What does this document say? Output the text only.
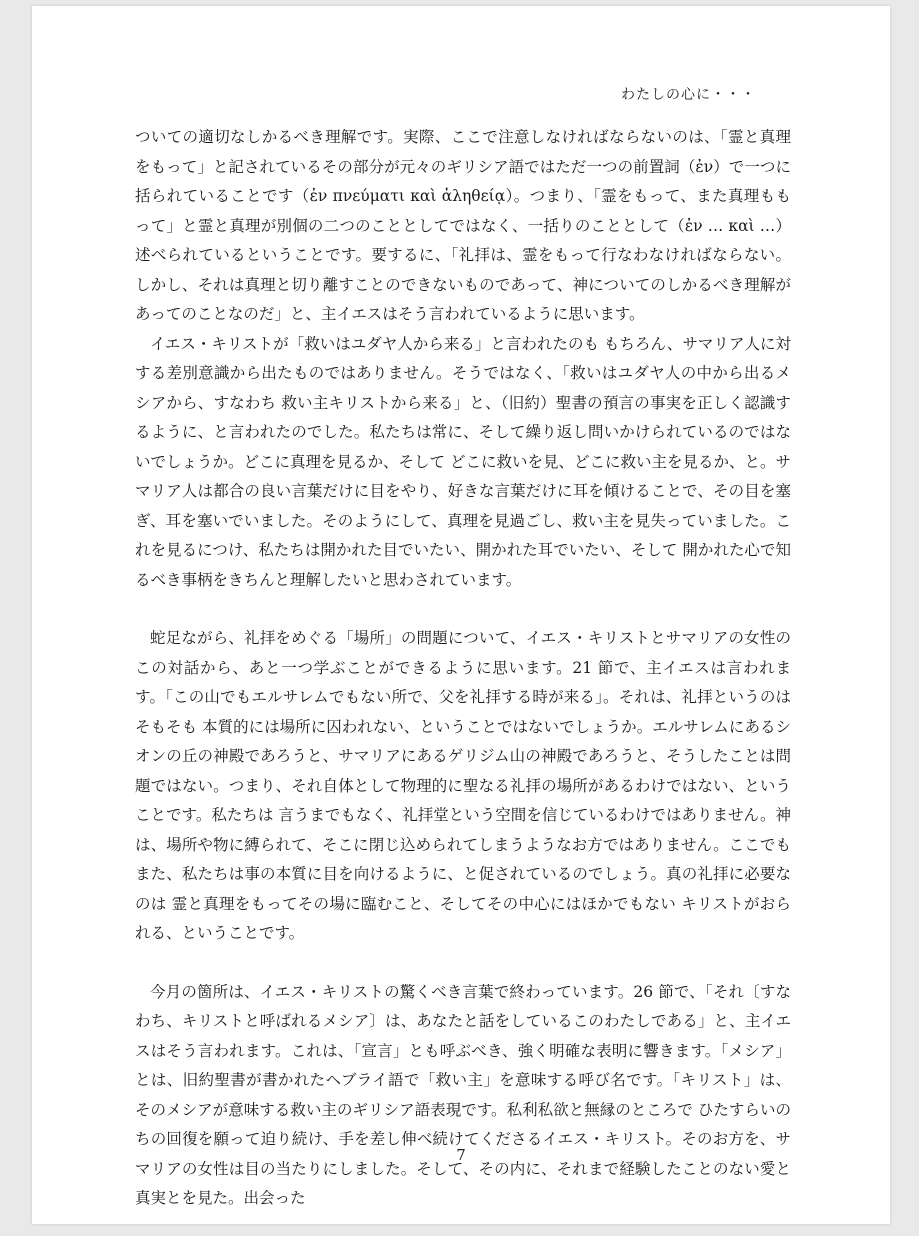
わたしの心に・・・

ついての適切なしかるべき理解です。実際、ここで注意しなければならないのは、「霊と真理をもって」と記されているその部分が元々のギリシア語ではただ一つの前置詞（ἐν）で一つに括られていることです（ἐν πνεύματι καὶ ἀληθείᾳ）。つまり、「霊をもって、また真理ももって」と霊と真理が別個の二つのこととしてではなく、一括りのこととして（ἐν … καὶ …）述べられているということです。要するに、「礼拝は、霊をもって行なわなければならない。しかし、それは真理と切り離すことのできないものであって、神についてのしかるべき理解があってのことなのだ」と、主イエスはそう言われているように思います。

イエス・キリストが「救いはユダヤ人から来る」と言われたのも もちろん、サマリア人に対する差別意識から出たものではありません。そうではなく、「救いはユダヤ人の中から出るメシアから、すなわち 救い主キリストから来る」と、（旧約）聖書の預言の事実を正しく認識するように、と言われたのでした。私たちは常に、そして繰り返し問いかけられているのではないでしょうか。どこに真理を見るか、そして どこに救いを見、どこに救い主を見るか、と。サマリア人は都合の良い言葉だけに目をやり、好きな言葉だけに耳を傾けることで、その目を塞ぎ、耳を塞いでいました。そのようにして、真理を見過ごし、救い主を見失っていました。これを見るにつけ、私たちは開かれた目でいたい、開かれた耳でいたい、そして 開かれた心で知るべき事柄をきちんと理解したいと思わされています。

蛇足ながら、礼拝をめぐる「場所」の問題について、イエス・キリストとサマリアの女性のこの対話から、あと一つ学ぶことができるように思います。21 節で、主イエスは言われます。「この山でもエルサレムでもない所で、父を礼拝する時が来る」。それは、礼拝というのはそもそも 本質的には場所に囚われない、ということではないでしょうか。エルサレムにあるシオンの丘の神殿であろうと、サマリアにあるゲリジム山の神殿であろうと、そうしたことは問題ではない。つまり、それ自体として物理的に聖なる礼拝の場所があるわけではない、ということです。私たちは 言うまでもなく、礼拝堂という空間を信じているわけではありません。神は、場所や物に縛られて、そこに閉じ込められてしまうようなお方ではありません。ここでもまた、私たちは事の本質に目を向けるように、と促されているのでしょう。真の礼拝に必要なのは 霊と真理をもってその場に臨むこと、そしてその中心にはほかでもない キリストがおられる、ということです。

今月の箇所は、イエス・キリストの驚くべき言葉で終わっています。26 節で、「それ〔すなわち、キリストと呼ばれるメシア〕は、あなたと話をしているこのわたしである」と、主イエスはそう言われます。これは、「宣言」とも呼ぶべき、強く明確な表明に響きます。「メシア」とは、旧約聖書が書かれたヘブライ語で「救い主」を意味する呼び名です。「キリスト」は、そのメシアが意味する救い主のギリシア語表現です。私利私欲と無縁のところで ひたすらいのちの回復を願って迫り続け、手を差し伸べ続けてくださるイエス・キリスト。そのお方を、サマリアの女性は目の当たりにしました。そして、その内に、それまで経験したことのない愛と真実とを見た。出会った

7
